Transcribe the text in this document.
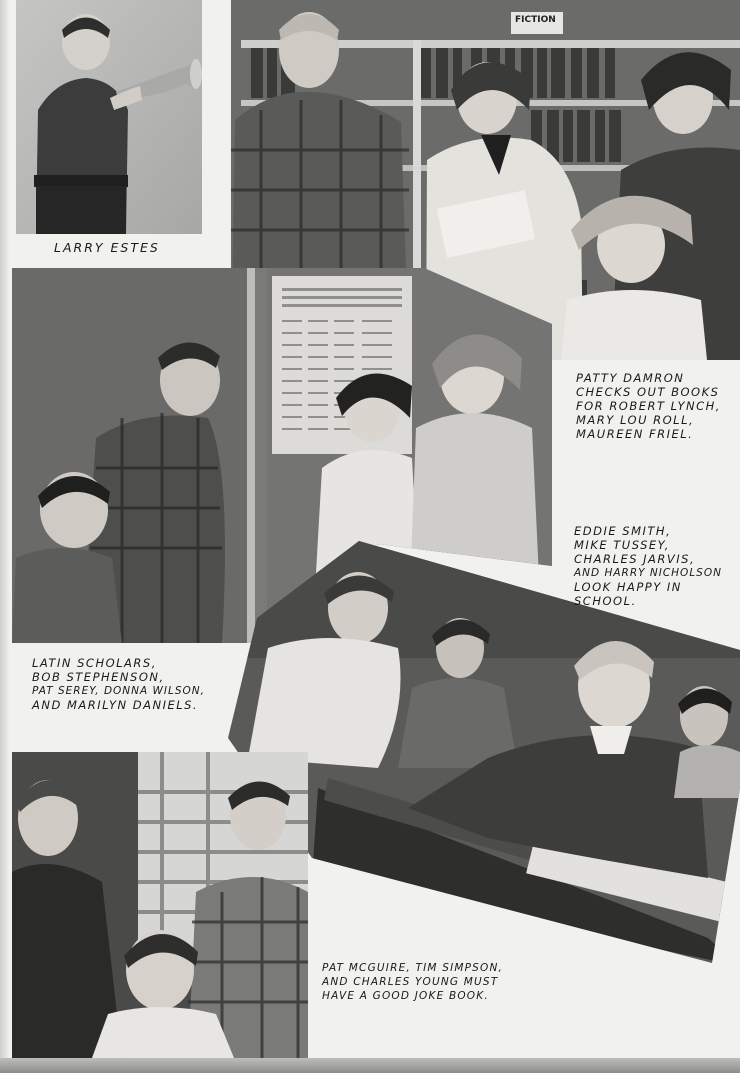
FICTION
LARRY ESTES
PATTY DAMRON
CHECKS OUT BOOKS
FOR ROBERT LYNCH,
MARY LOU ROLL,
MAUREEN FRIEL.
EDDIE SMITH,
MIKE TUSSEY,
CHARLES JARVIS,
AND HARRY NICHOLSON
LOOK HAPPY IN
SCHOOL.
LATIN SCHOLARS,
BOB STEPHENSON,
PAT SEREY, DONNA WILSON,
AND MARILYN DANIELS.
PAT MCGUIRE, TIM SIMPSON,
AND CHARLES YOUNG MUST
HAVE A GOOD JOKE BOOK.
